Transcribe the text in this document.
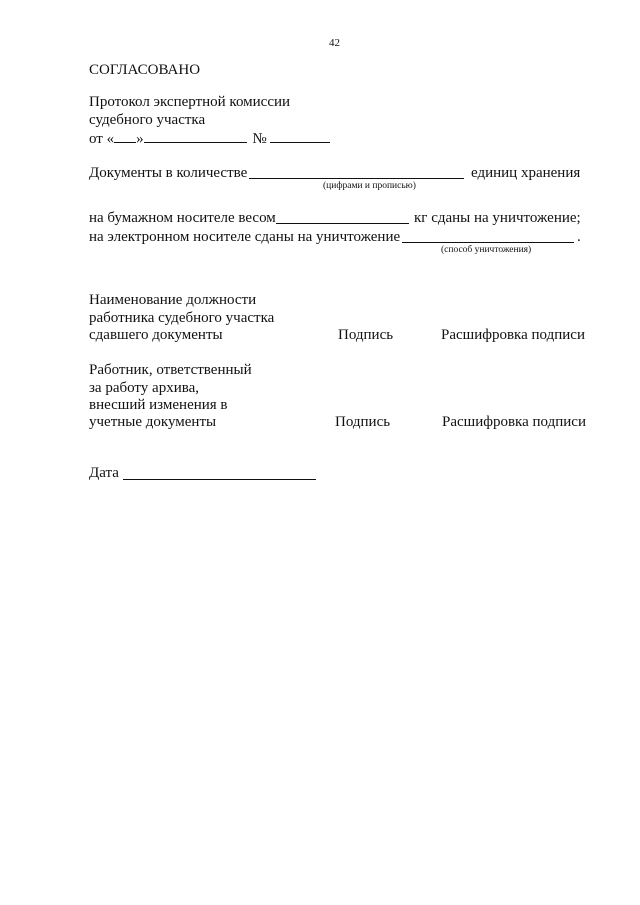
42
СОГЛАСОВАНО
Протокол экспертной комиссии
судебного участка
от « »	№
Документы в количестве	единиц хранения
(цифрами и прописью)
на бумажном носителе весом	кг сданы на уничтожение;
на электронном носителе сданы на уничтожение	.
(способ уничтожения)
Наименование должности
работника судебного участка
сдавшего документы	Подпись	Расшифровка подписи
Работник, ответственный
за работу архива,
внесший изменения в
учетные документы	Подпись	Расшифровка подписи
Дата
